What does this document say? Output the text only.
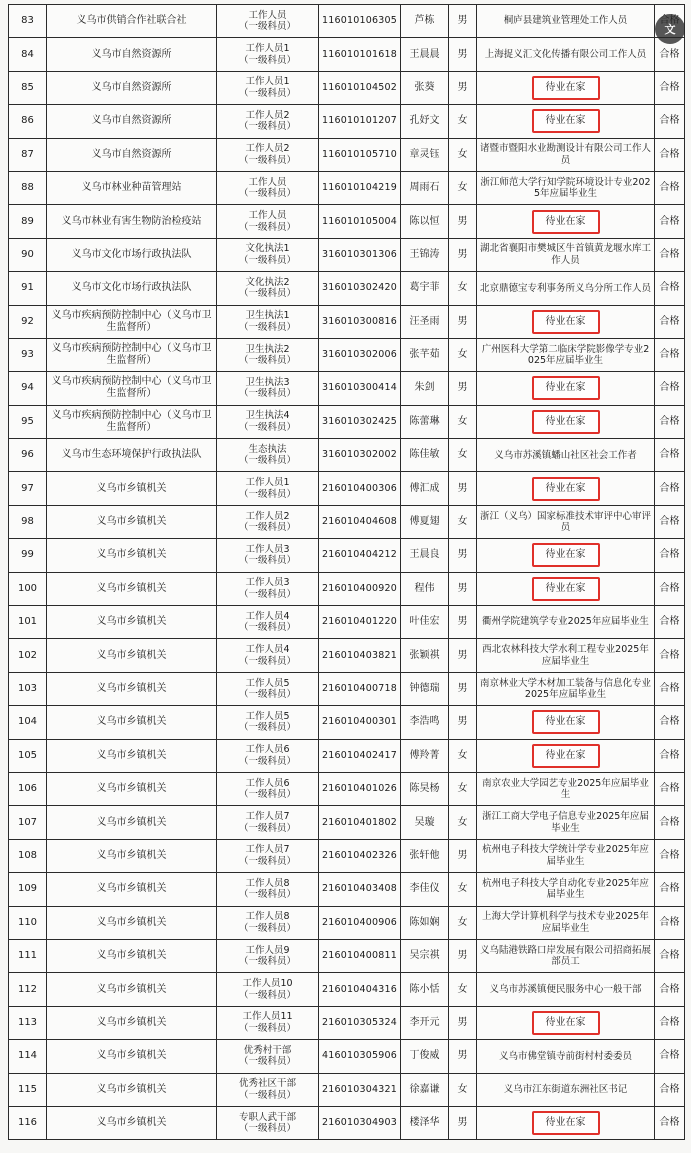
83	义乌市供销合作社联合社	工作人员
（一级科员）	116010106305	芦栋	男	桐庐县建筑业管理处工作人员	
84	义乌市自然资源所	工作人员1
（一级科员）	116010101618	王晨晨	男	上海捉义汇文化传播有限公司工作人员	合格
85	义乌市自然资源所	工作人员1
（一级科员）	116010104502	张葵	男	待业在家	合格
86	义乌市自然资源所	工作人员2
（一级科员）	116010101207	孔妤文	女	待业在家	合格
87	义乌市自然资源所	工作人员2
（一级科员）	116010105710	章灵钰	女	诸暨市暨阳水业勘测设计有限公司工作人员	合格
88	义乌市林业种苗管理站	工作人员
（一级科员）	116010104219	周雨石	女	浙江师范大学行知学院环境设计专业2025年应届毕业生	合格
89	义乌市林业有害生物防治检疫站	工作人员
（一级科员）	116010105004	陈以恒	男	待业在家	合格
90	义乌市文化市场行政执法队	文化执法1
（一级科员）	316010301306	王锦涛	男	湖北省襄阳市樊城区牛首镇黄龙堰水库工作人员	合格
91	义乌市文化市场行政执法队	文化执法2
（一级科员）	316010302420	葛宇菲	女	北京鼎德宝专利事务所义乌分所工作人员	合格
92	义乌市疾病预防控制中心（义乌市卫生监督所）	卫生执法1
（一级科员）	316010300816	汪圣雨	男	待业在家	合格
93	义乌市疾病预防控制中心（义乌市卫生监督所）	卫生执法2
（一级科员）	316010302006	张芊茹	女	广州医科大学第二临床学院影像学专业2025年应届毕业生	合格
94	义乌市疾病预防控制中心（义乌市卫生监督所）	卫生执法3
（一级科员）	316010300414	朱剑	男	待业在家	合格
95	义乌市疾病预防控制中心（义乌市卫生监督所）	卫生执法4
（一级科员）	316010302425	陈蕾琳	女	待业在家	合格
96	义乌市生态环境保护行政执法队	生态执法
（一级科员）	316010302002	陈佳敏	女	义乌市苏溪镇蟠山社区社会工作者	合格
97	义乌市乡镇机关	工作人员1
（一级科员）	216010400306	傅汇成	男	待业在家	合格
98	义乌市乡镇机关	工作人员2
（一级科员）	216010404608	傅夏翅	女	浙江（义乌）国家标准技术审评中心审评员	合格
99	义乌市乡镇机关	工作人员3
（一级科员）	216010404212	王晨良	男	待业在家	合格
100	义乌市乡镇机关	工作人员3
（一级科员）	216010400920	程伟	男	待业在家	合格
101	义乌市乡镇机关	工作人员4
（一级科员）	216010401220	叶佳宏	男	衢州学院建筑学专业2025年应届毕业生	合格
102	义乌市乡镇机关	工作人员4
（一级科员）	216010403821	张颖祺	男	西北农林科技大学水利工程专业2025年应届毕业生	合格
103	义乌市乡镇机关	工作人员5
（一级科员）	216010400718	钟德瑞	男	南京林业大学木材加工装备与信息化专业2025年应届毕业生	合格
104	义乌市乡镇机关	工作人员5
（一级科员）	216010400301	李浩鸣	男	待业在家	合格
105	义乌市乡镇机关	工作人员6
（一级科员）	216010402417	傅羚菁	女	待业在家	合格
106	义乌市乡镇机关	工作人员6
（一级科员）	216010401026	陈昊杨	女	南京农业大学园艺专业2025年应届毕业生	合格
107	义乌市乡镇机关	工作人员7
（一级科员）	216010401802	吴璇	女	浙江工商大学电子信息专业2025年应届毕业生	合格
108	义乌市乡镇机关	工作人员7
（一级科员）	216010402326	张轩他	男	杭州电子科技大学统计学专业2025年应届毕业生	合格
109	义乌市乡镇机关	工作人员8
（一级科员）	216010403408	李佳仪	女	杭州电子科技大学自动化专业2025年应届毕业生	合格
110	义乌市乡镇机关	工作人员8
（一级科员）	216010400906	陈如娴	女	上海大学计算机科学与技术专业2025年应届毕业生	合格
111	义乌市乡镇机关	工作人员9
（一级科员）	216010400811	吴宗祺	男	义乌陆港铁路口岸发展有限公司招商拓展部员工	合格
112	义乌市乡镇机关	工作人员10
（一级科员）	216010404316	陈小恬	女	义乌市苏溪镇便民服务中心一般干部	合格
113	义乌市乡镇机关	工作人员11
（一级科员）	216010305324	李开元	男	待业在家	合格
114	义乌市乡镇机关	优秀村干部
（一级科员）	416010305906	丁俊威	男	义乌市佛堂镇寺前街村村委委员	合格
115	义乌市乡镇机关	优秀社区干部
（一级科员）	216010304321	徐嘉谦	女	义乌市江东街道东洲社区书记	合格
116	义乌市乡镇机关	专职人武干部
（一级科员）	216010304903	楼泽华	男	待业在家	合格
文
